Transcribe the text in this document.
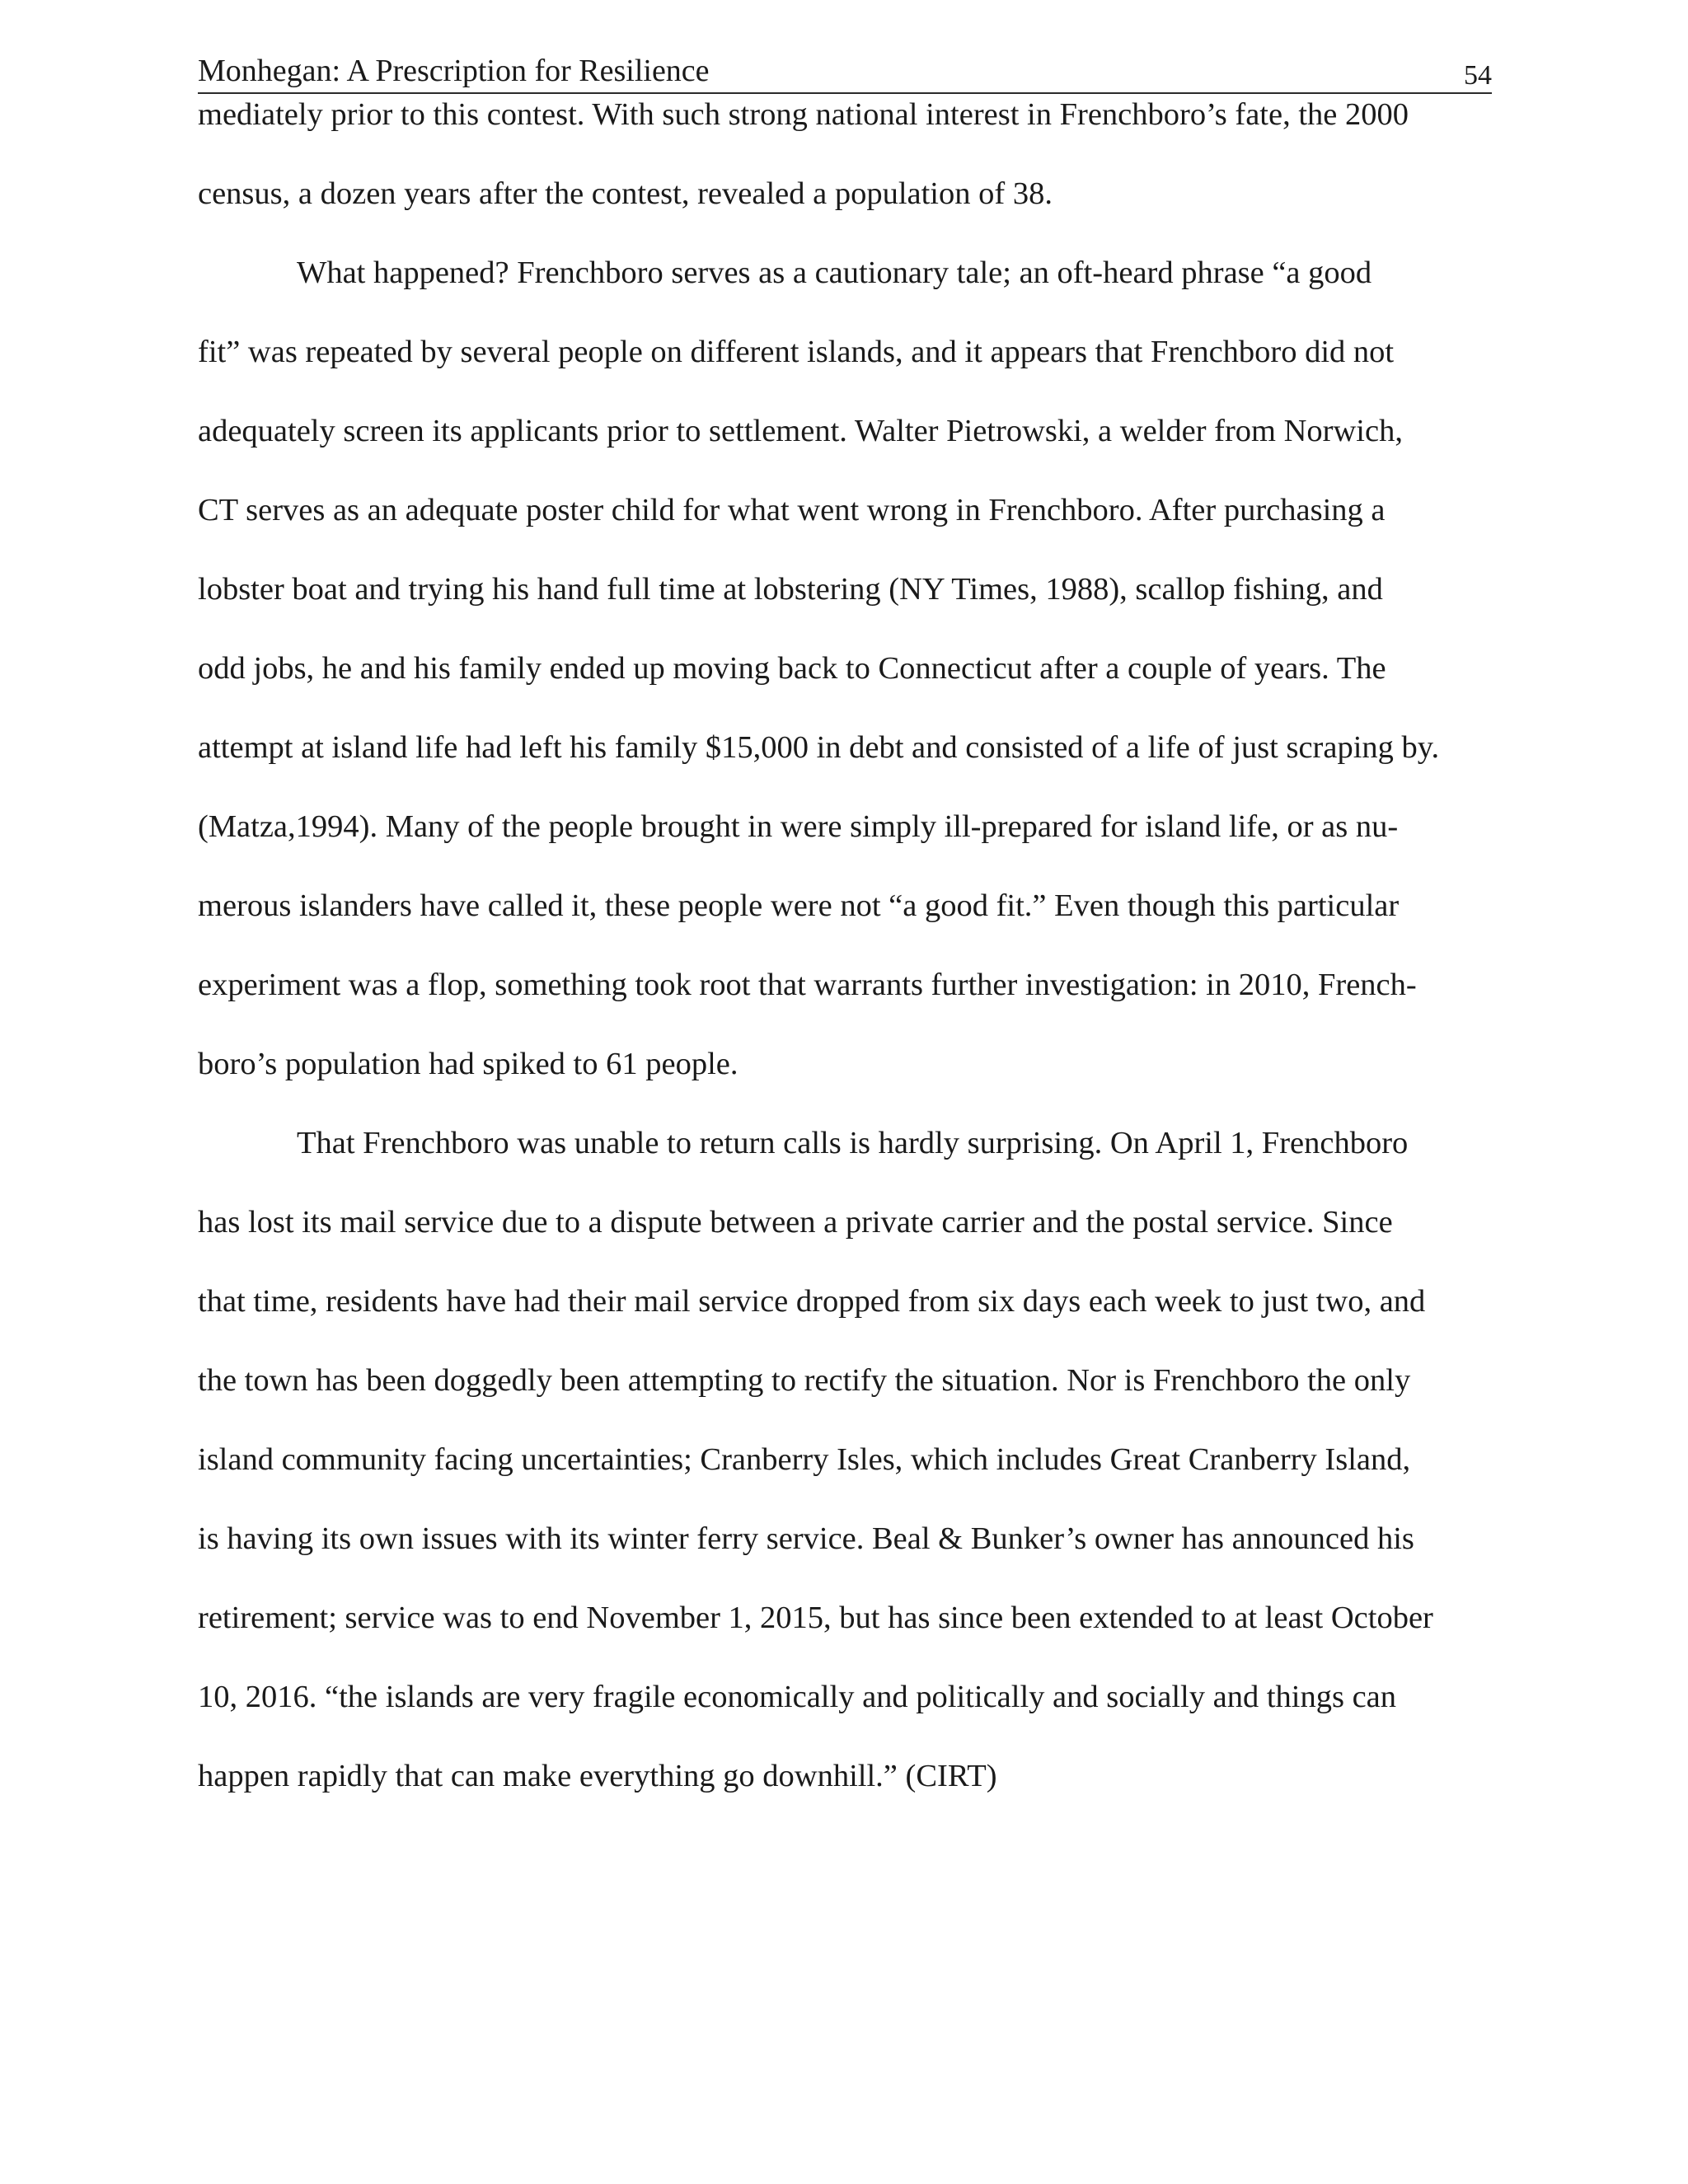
Monhegan: A Prescription for Resilience	54
mediately prior to this contest. With such strong national interest in Frenchboro’s fate, the 2000
census, a dozen years after the contest, revealed a population of 38.
What happened? Frenchboro serves as a cautionary tale; an oft-heard phrase “a good
fit” was repeated by several people on different islands, and it appears that Frenchboro did not
adequately screen its applicants prior to settlement. Walter Pietrowski, a welder from Norwich,
CT serves as an adequate poster child for what went wrong in Frenchboro. After purchasing a
lobster boat and trying his hand full time at lobstering (NY Times, 1988), scallop fishing, and
odd jobs, he and his family ended up moving back to Connecticut after a couple of years. The
attempt at island life had left his family $15,000 in debt and consisted of a life of just scraping by.
(Matza,1994). Many of the people brought in were simply ill-prepared for island life, or as nu-
merous islanders have called it, these people were not “a good fit.” Even though this particular
experiment was a flop, something took root that warrants further investigation: in 2010, French-
boro’s population had spiked to 61 people.
That Frenchboro was unable to return calls is hardly surprising. On April 1, Frenchboro
has lost its mail service due to a dispute between a private carrier and the postal service. Since
that time, residents have had their mail service dropped from six days each week to just two, and
the town has been doggedly been attempting to rectify the situation. Nor is Frenchboro the only
island community facing uncertainties; Cranberry Isles, which includes Great Cranberry Island,
is having its own issues with its winter ferry service. Beal & Bunker’s owner has announced his
retirement; service was to end November 1, 2015, but has since been extended to at least October
10, 2016. “the islands are very fragile economically and politically and socially and things can
happen rapidly that can make everything go downhill.” (CIRT)
